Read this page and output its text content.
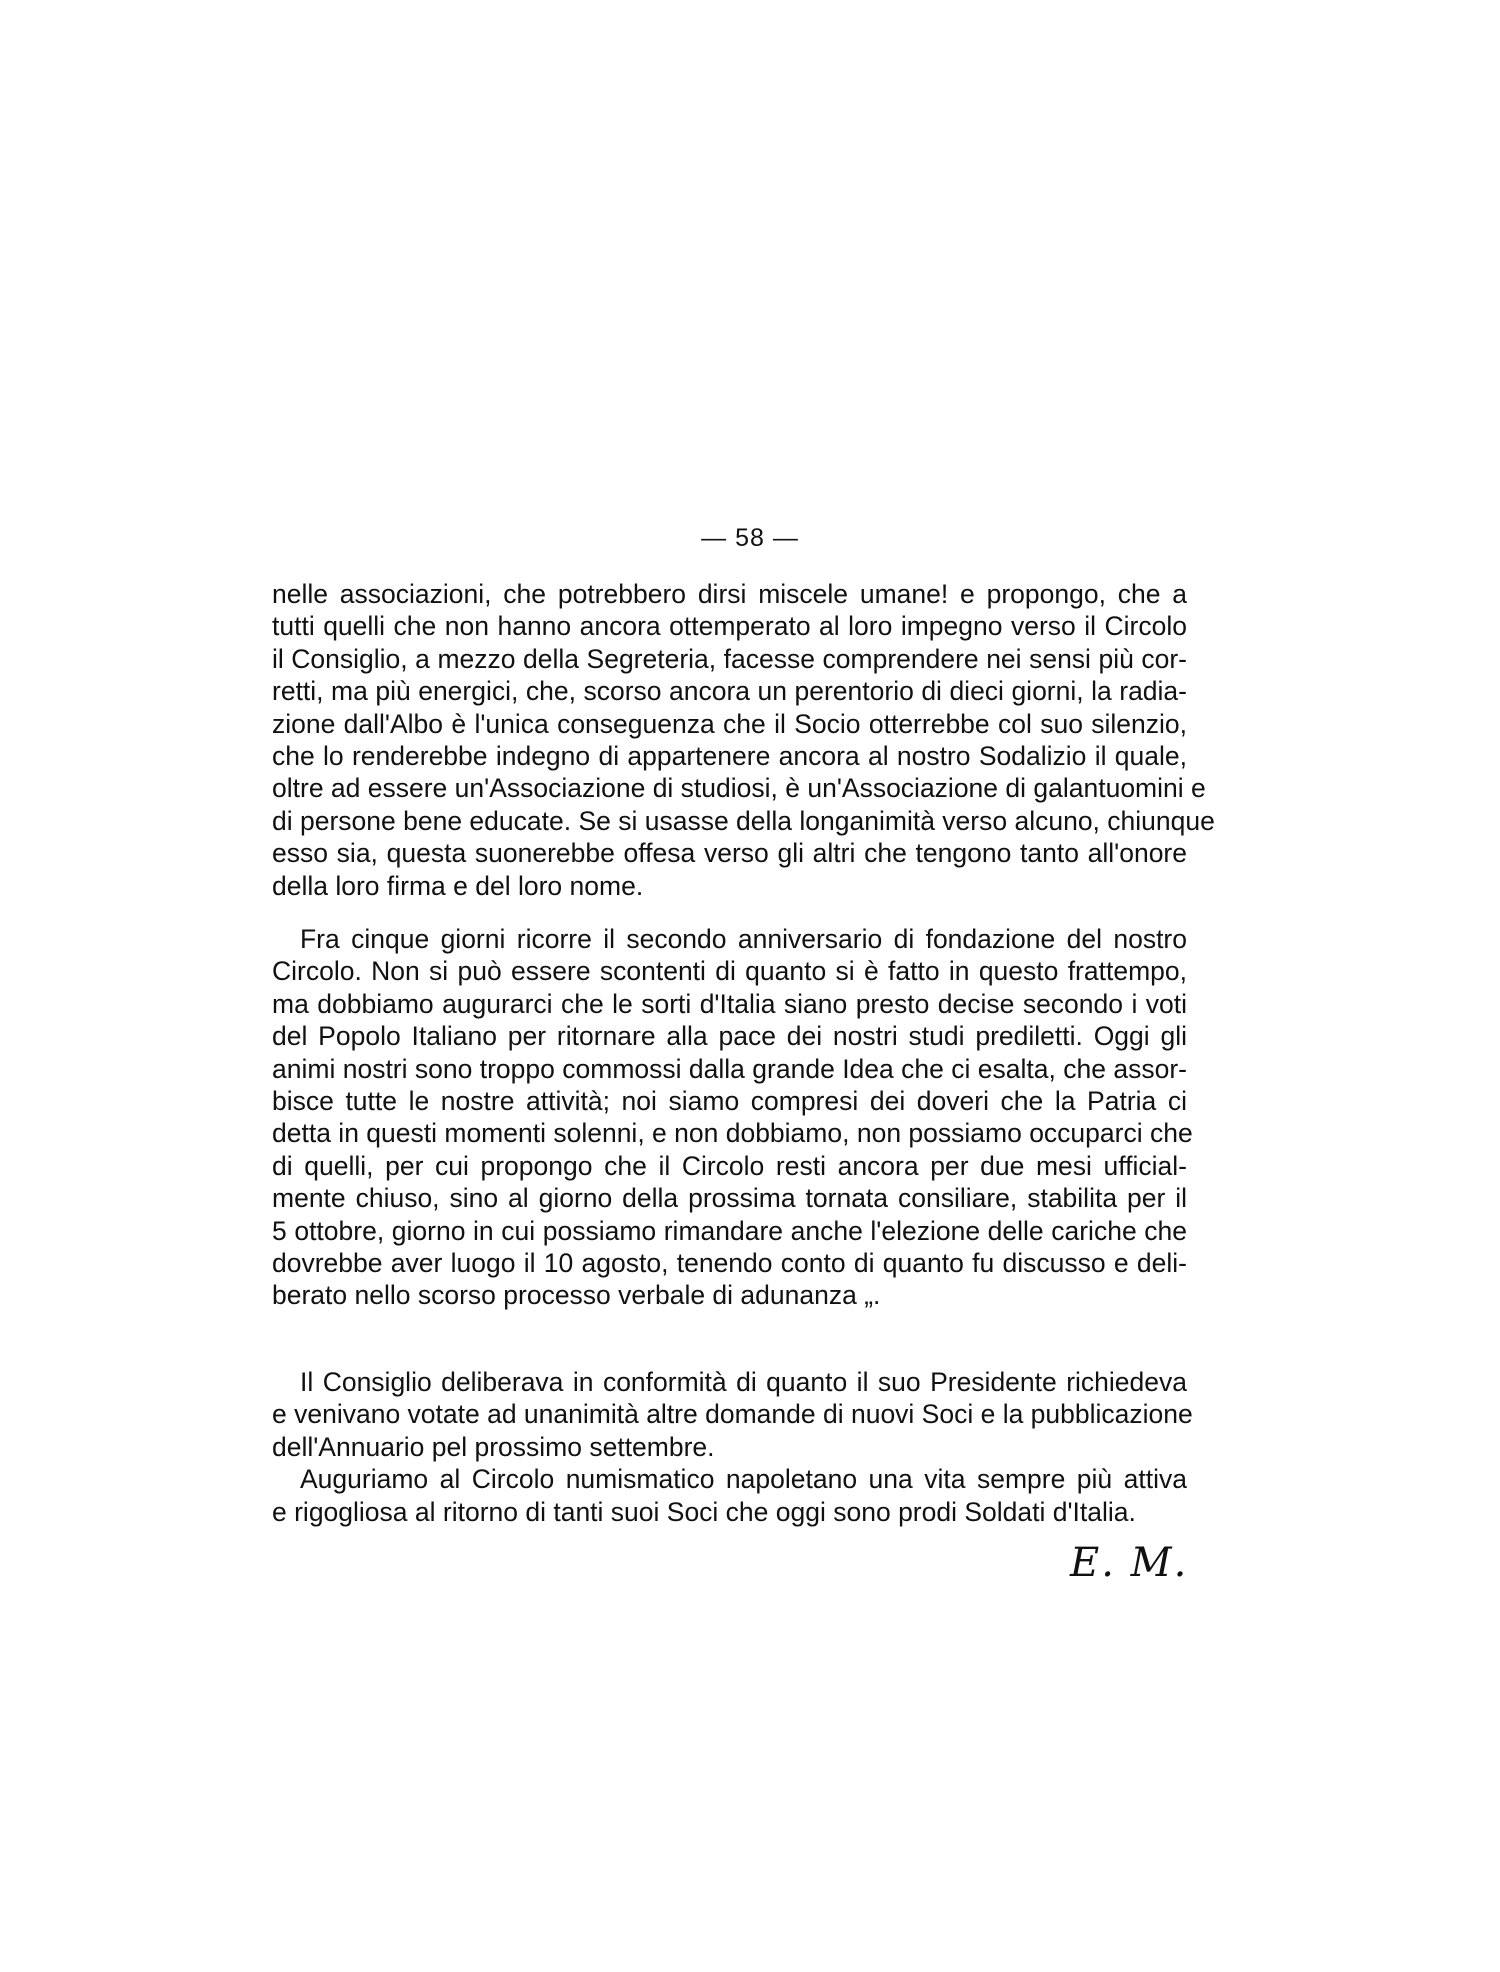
— 58 —
nelle associazioni, che potrebbero dirsi miscele umane! e propongo, che a
tutti quelli che non hanno ancora ottemperato al loro impegno verso il Circolo
il Consiglio, a mezzo della Segreteria, facesse comprendere nei sensi più cor-
retti, ma più energici, che, scorso ancora un perentorio di dieci giorni, la radia-
zione dall'Albo è l'unica conseguenza che il Socio otterrebbe col suo silenzio,
che lo renderebbe indegno di appartenere ancora al nostro Sodalizio il quale,
oltre ad essere un'Associazione di studiosi, è un'Associazione di galantuomini e
di persone bene educate. Se si usasse della longanimità verso alcuno, chiunque
esso sia, questa suonerebbe offesa verso gli altri che tengono tanto all'onore
della loro firma e del loro nome.
Fra cinque giorni ricorre il secondo anniversario di fondazione del nostro
Circolo. Non si può essere scontenti di quanto si è fatto in questo frattempo,
ma dobbiamo augurarci che le sorti d'Italia siano presto decise secondo i voti
del Popolo Italiano per ritornare alla pace dei nostri studi prediletti. Oggi gli
animi nostri sono troppo commossi dalla grande Idea che ci esalta, che assor-
bisce tutte le nostre attività; noi siamo compresi dei doveri che la Patria ci
detta in questi momenti solenni, e non dobbiamo, non possiamo occuparci che
di quelli, per cui propongo che il Circolo resti ancora per due mesi ufficial-
mente chiuso, sino al giorno della prossima tornata consiliare, stabilita per il
5 ottobre, giorno in cui possiamo rimandare anche l'elezione delle cariche che
dovrebbe aver luogo il 10 agosto, tenendo conto di quanto fu discusso e deli-
berato nello scorso processo verbale di adunanza „.
Il Consiglio deliberava in conformità di quanto il suo Presidente richiedeva
e venivano votate ad unanimità altre domande di nuovi Soci e la pubblicazione
dell'Annuario pel prossimo settembre.
Auguriamo al Circolo numismatico napoletano una vita sempre più attiva
e rigogliosa al ritorno di tanti suoi Soci che oggi sono prodi Soldati d'Italia.
E. M.
